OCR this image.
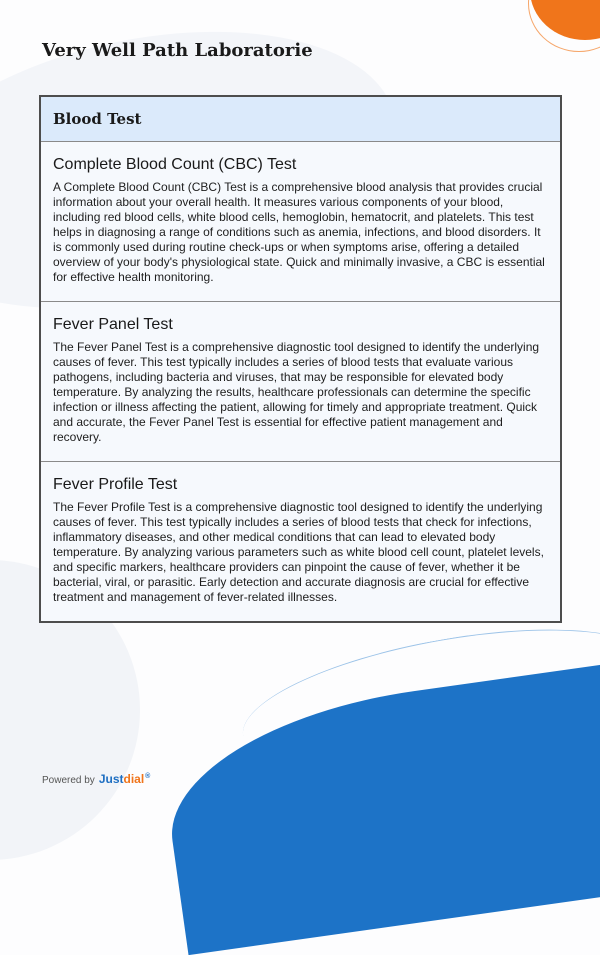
Very Well Path Laboratorie
Blood Test
Complete Blood Count (CBC) Test

A Complete Blood Count (CBC) Test is a comprehensive blood analysis that provides crucial information about your overall health. It measures various components of your blood, including red blood cells, white blood cells, hemoglobin, hematocrit, and platelets. This test helps in diagnosing a range of conditions such as anemia, infections, and blood disorders. It is commonly used during routine check-ups or when symptoms arise, offering a detailed overview of your body's physiological state. Quick and minimally invasive, a CBC is essential for effective health monitoring.

Fever Panel Test

The Fever Panel Test is a comprehensive diagnostic tool designed to identify the underlying causes of fever. This test typically includes a series of blood tests that evaluate various pathogens, including bacteria and viruses, that may be responsible for elevated body temperature. By analyzing the results, healthcare professionals can determine the specific infection or illness affecting the patient, allowing for timely and appropriate treatment. Quick and accurate, the Fever Panel Test is essential for effective patient management and recovery.

Fever Profile Test

The Fever Profile Test is a comprehensive diagnostic tool designed to identify the underlying causes of fever. This test typically includes a series of blood tests that check for infections, inflammatory diseases, and other medical conditions that can lead to elevated body temperature. By analyzing various parameters such as white blood cell count, platelet levels, and specific markers, healthcare providers can pinpoint the cause of fever, whether it be bacterial, viral, or parasitic. Early detection and accurate diagnosis are crucial for effective treatment and management of fever-related illnesses.

Powered by Justdial®
